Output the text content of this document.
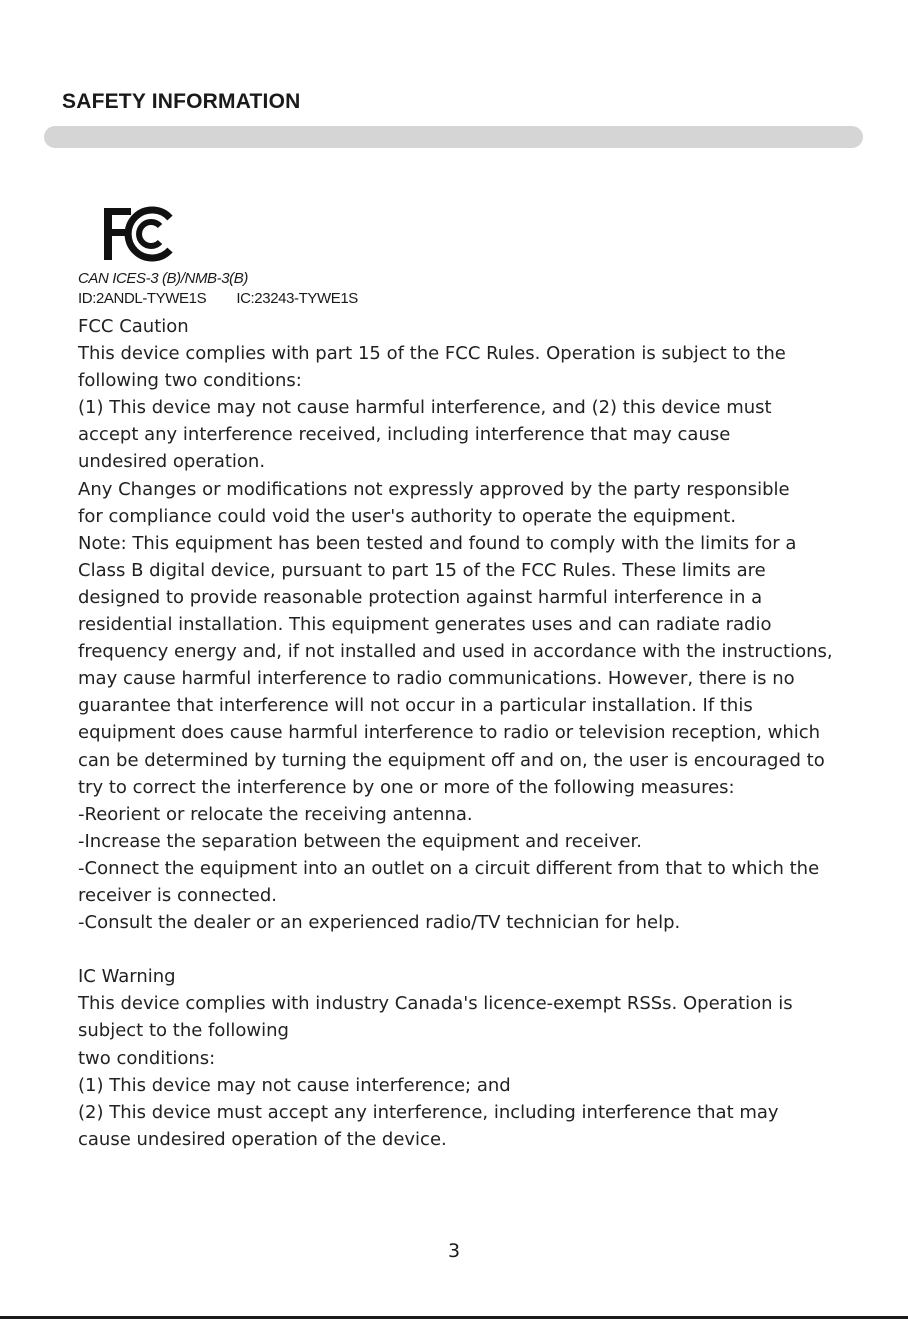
SAFETY INFORMATION
CAN ICES-3 (B)/NMB-3(B)
ID:2ANDL-TYWE1S IC:23243-TYWE1S
FCC Caution
This device complies with part 15 of the FCC Rules. Operation is subject to the
following two conditions:
(1) This device may not cause harmful interference, and (2) this device must
accept any interference received, including interference that may cause
undesired operation.
Any Changes or modifications not expressly approved by the party responsible
for compliance could void the user's authority to operate the equipment.
Note: This equipment has been tested and found to comply with the limits for a
Class B digital device, pursuant to part 15 of the FCC Rules. These limits are
designed to provide reasonable protection against harmful interference in a
residential installation. This equipment generates uses and can radiate radio
frequency energy and, if not installed and used in accordance with the instructions,
may cause harmful interference to radio communications. However, there is no
guarantee that interference will not occur in a particular installation. If this
equipment does cause harmful interference to radio or television reception, which
can be determined by turning the equipment off and on, the user is encouraged to
try to correct the interference by one or more of the following measures:
-Reorient or relocate the receiving antenna.
-Increase the separation between the equipment and receiver.
-Connect the equipment into an outlet on a circuit different from that to which the
receiver is connected.
-Consult the dealer or an experienced radio/TV technician for help.
IC Warning
This device complies with industry Canada's licence-exempt RSSs. Operation is
subject to the following
two conditions:
(1) This device may not cause interference; and
(2) This device must accept any interference, including interference that may
cause undesired operation of the device.
3
